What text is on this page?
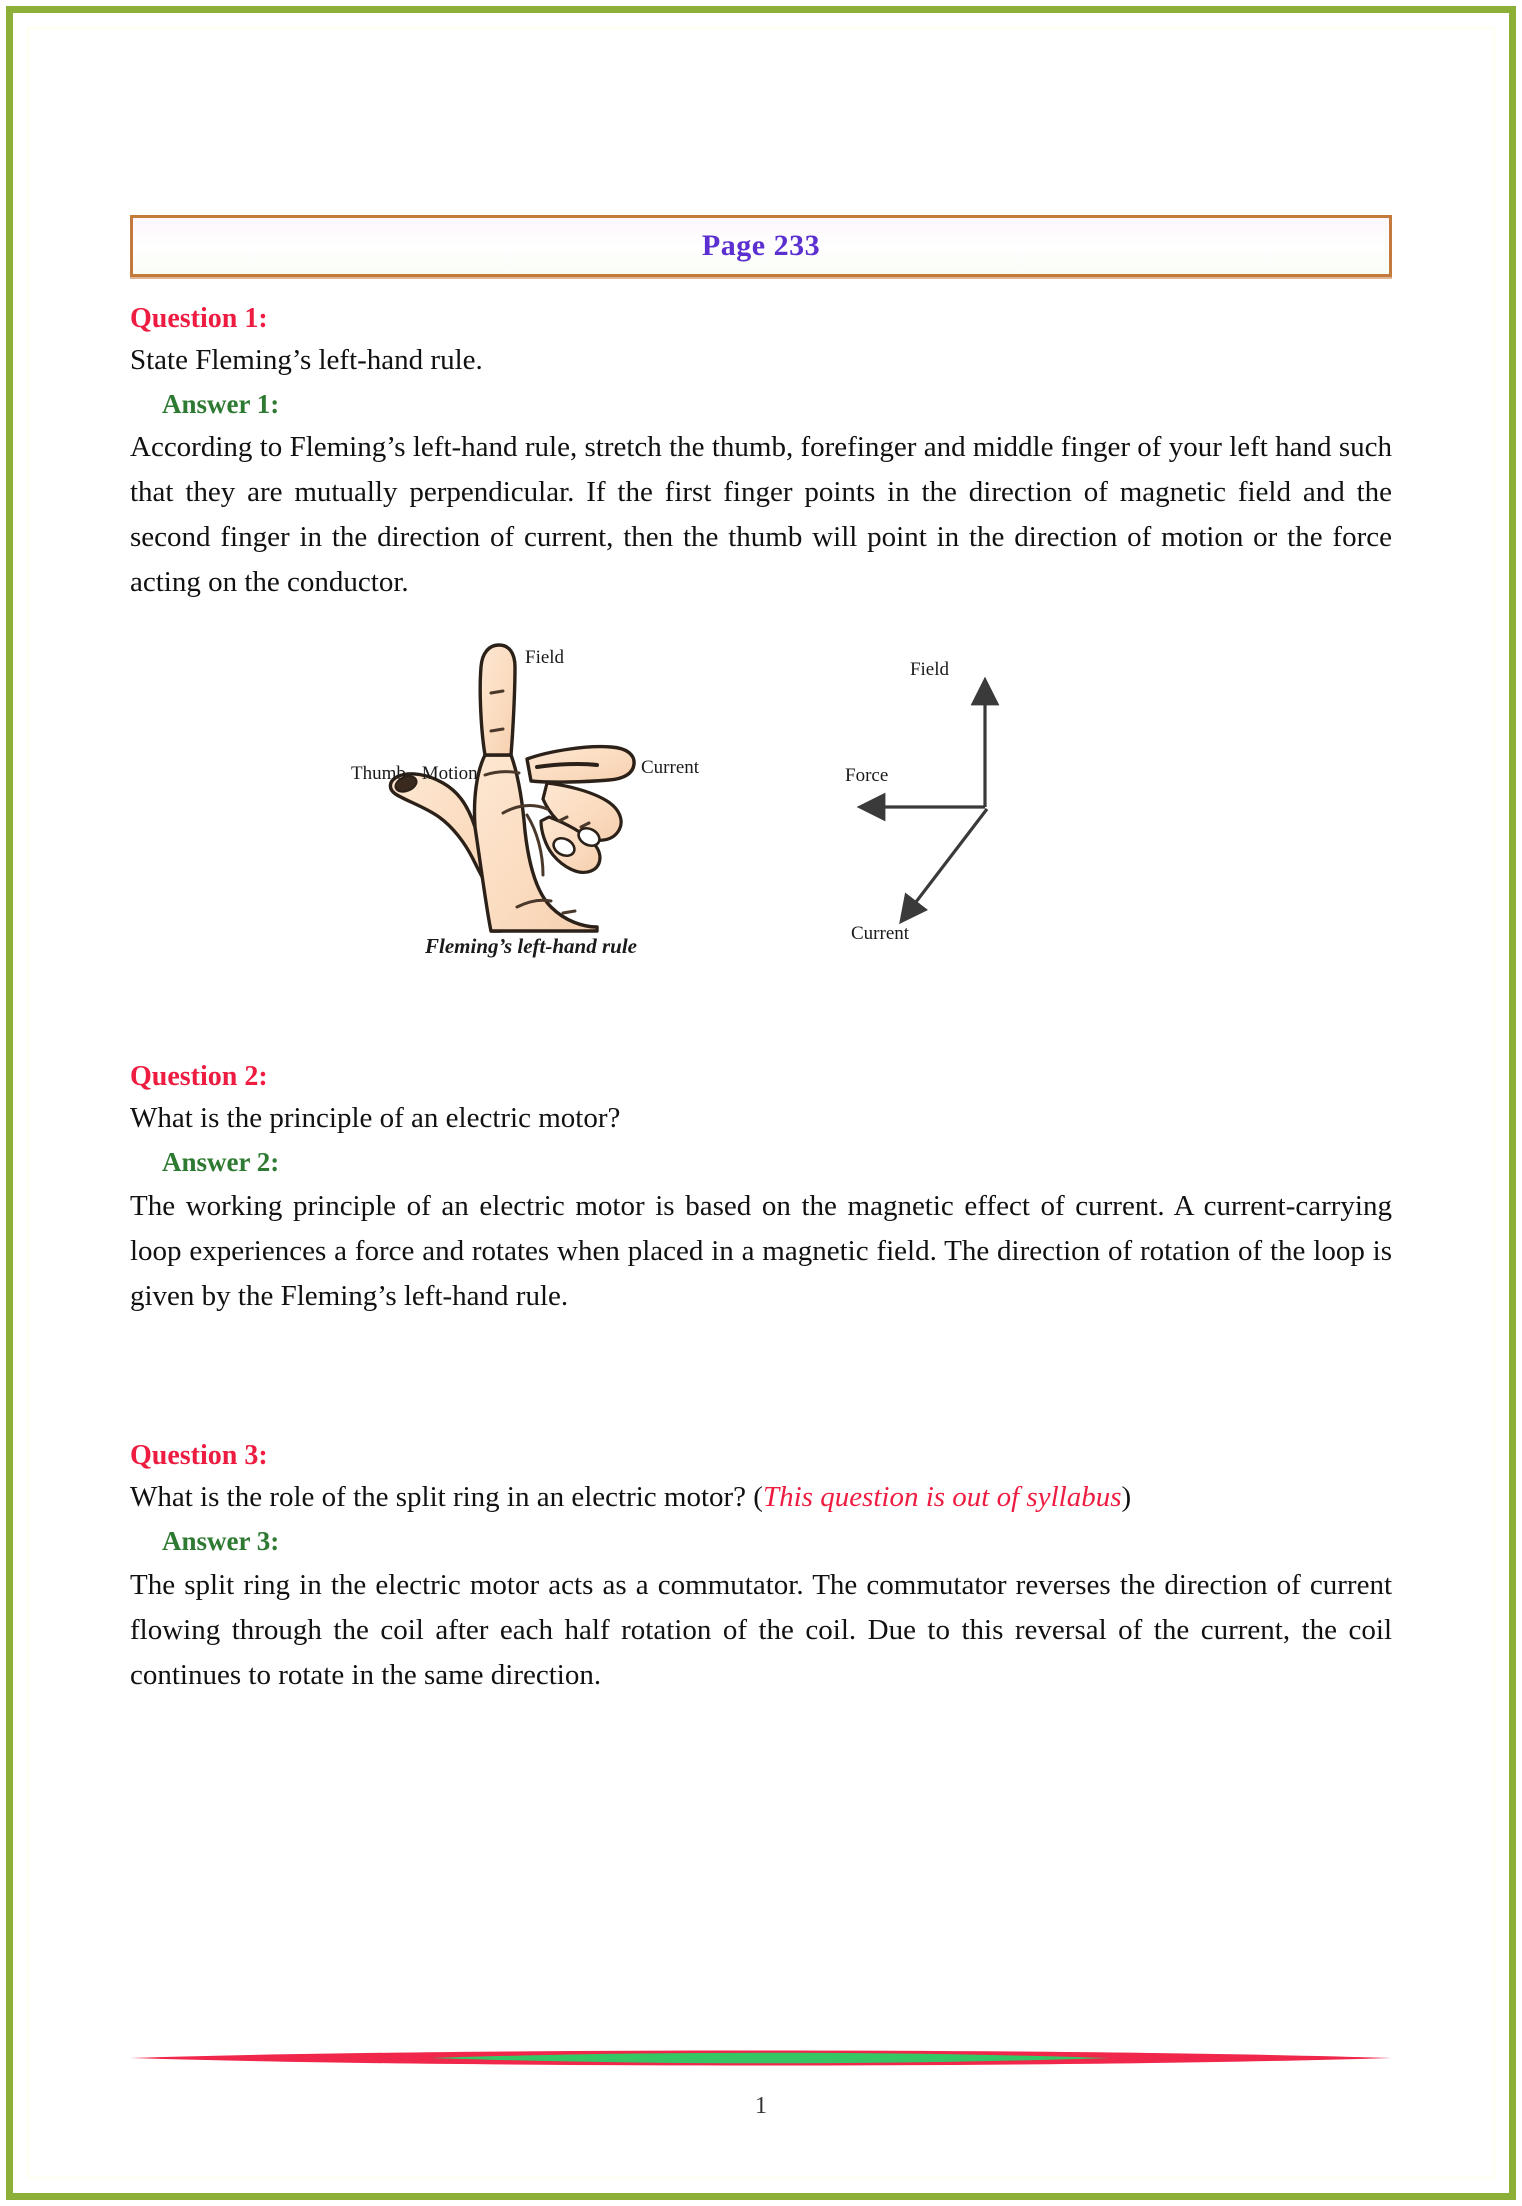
Page 233
Question 1:

State Fleming’s left-hand rule.

Answer 1:

According to Fleming’s left-hand rule, stretch the thumb, forefinger and middle finger of your left hand such that they are mutually perpendicular. If the first finger points in the direction of magnetic field and the second finger in the direction of current, then the thumb will point in the direction of motion or the force acting on the conductor.

Field
Thumb - Motion	Current
Fleming’s left-hand rule
Field
Force
Current
Question 2:

What is the principle of an electric motor?

Answer 2:

The working principle of an electric motor is based on the magnetic effect of current. A current-carrying loop experiences a force and rotates when placed in a magnetic field. The direction of rotation of the loop is given by the Fleming’s left-hand rule.

Question 3:

What is the role of the split ring in an electric motor? (This question is out of syllabus)

Answer 3:

The split ring in the electric motor acts as a commutator. The commutator reverses the direction of current flowing through the coil after each half rotation of the coil. Due to this reversal of the current, the coil continues to rotate in the same direction.

1
